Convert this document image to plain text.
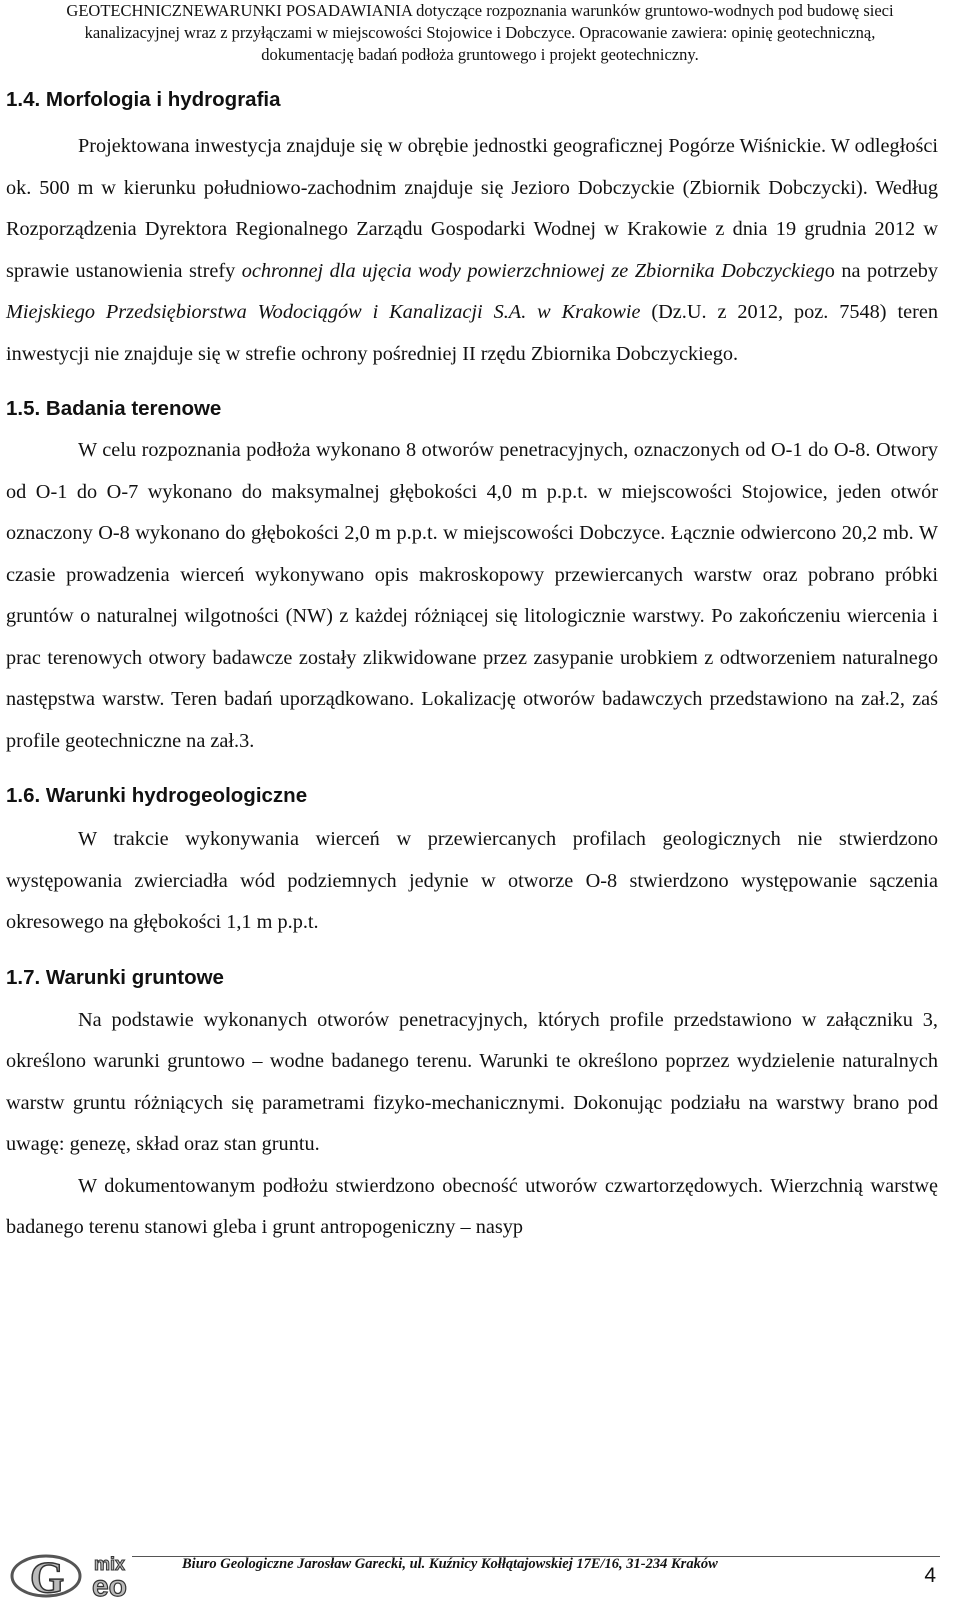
GEOTECHNICZNEWARUNKI POSADAWIANIA dotyczące rozpoznania warunków gruntowo-wodnych pod budowę sieci
kanalizacyjnej wraz z przyłączami w miejscowości Stojowice i Dobczyce. Opracowanie zawiera: opinię geotechniczną,
dokumentację badań podłoża gruntowego i projekt geotechniczny.
1.4. Morfologia i hydrografia

Projektowana inwestycja znajduje się w obrębie jednostki geograficznej Pogórze Wiśnickie. W odległości ok. 500 m w kierunku południowo-zachodnim znajduje się Jezioro Dobczyckie (Zbiornik Dobczycki). Według Rozporządzenia Dyrektora Regionalnego Zarządu Gospodarki Wodnej w Krakowie z dnia 19 grudnia 2012 w sprawie ustanowienia strefy ochronnej dla ujęcia wody powierzchniowej ze Zbiornika Dobczyckiego na potrzeby Miejskiego Przedsiębiorstwa Wodociągów i Kanalizacji S.A. w Krakowie (Dz.U. z 2012, poz. 7548) teren inwestycji nie znajduje się w strefie ochrony pośredniej II rzędu Zbiornika Dobczyckiego.

1.5. Badania terenowe

W celu rozpoznania podłoża wykonano 8 otworów penetracyjnych, oznaczonych od O-1 do O-8. Otwory od O-1 do O-7 wykonano do maksymalnej głębokości 4,0 m p.p.t. w miejscowości Stojowice, jeden otwór oznaczony O-8 wykonano do głębokości 2,0 m p.p.t. w miejscowości Dobczyce. Łącznie odwiercono 20,2 mb. W czasie prowadzenia wierceń wykonywano opis makroskopowy przewiercanych warstw oraz pobrano próbki gruntów o naturalnej wilgotności (NW) z każdej różniącej się litologicznie warstwy. Po zakończeniu wiercenia i prac terenowych otwory badawcze zostały zlikwidowane przez zasypanie urobkiem z odtworzeniem naturalnego następstwa warstw. Teren badań uporządkowano. Lokalizację otworów badawczych przedstawiono na zał.2, zaś profile geotechniczne na zał.3.

1.6. Warunki hydrogeologiczne

W trakcie wykonywania wierceń w przewiercanych profilach geologicznych nie stwierdzono występowania zwierciadła wód podziemnych jedynie w otworze O-8 stwierdzono występowanie sączenia okresowego na głębokości 1,1 m p.p.t.

1.7. Warunki gruntowe

Na podstawie wykonanych otworów penetracyjnych, których profile przedstawiono w załączniku 3, określono warunki gruntowo – wodne badanego terenu. Warunki te określono poprzez wydzielenie naturalnych warstw gruntu różniących się parametrami fizyko-mechanicznymi. Dokonując podziału na warstwy brano pod uwagę: genezę, skład oraz stan gruntu.

W dokumentowanym podłożu stwierdzono obecność utworów czwartorzędowych. Wierzchnią warstwę badanego terenu stanowi gleba i grunt antropogeniczny – nasyp

G mix
eo
Biuro Geologiczne Jarosław Garecki, ul. Kuźnicy Kołłątajowskiej 17E/16, 31-234 Kraków	4
